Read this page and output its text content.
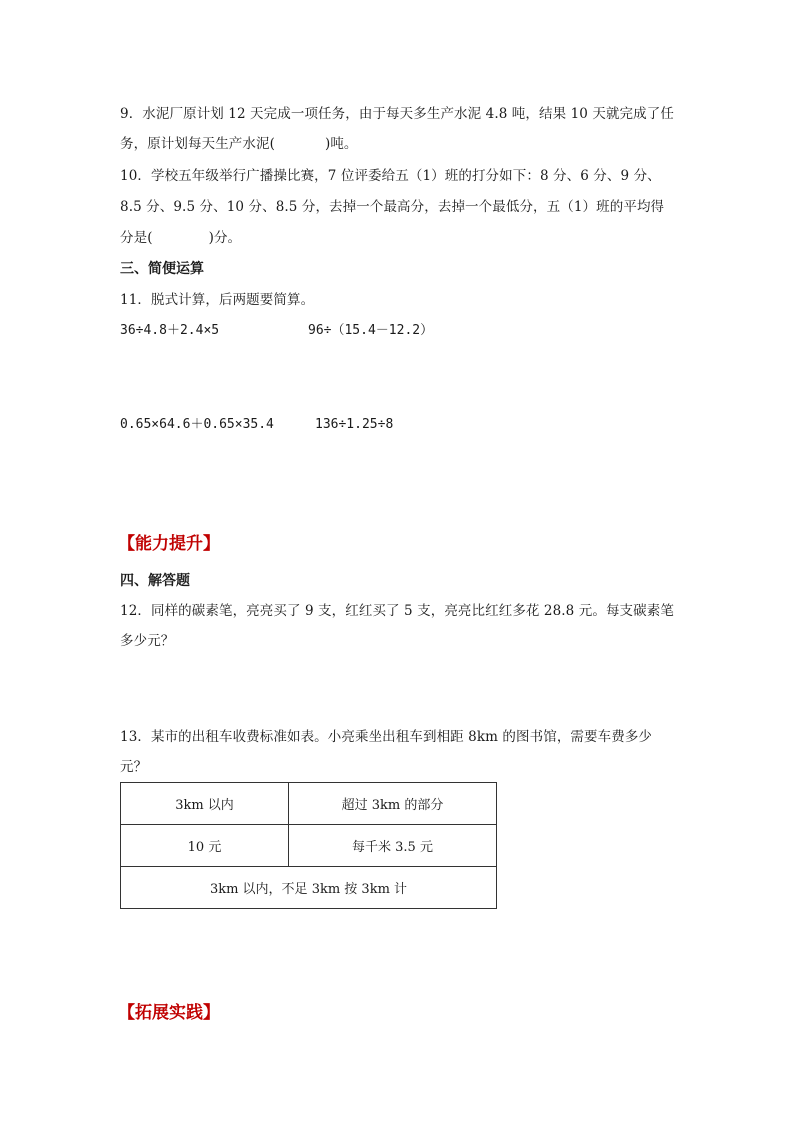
9．水泥厂原计划 12 天完成一项任务，由于每天多生产水泥 4.8 吨，结果 10 天就完成了任
务，原计划每天生产水泥(	)吨。
10．学校五年级举行广播操比赛，7 位评委给五（1）班的打分如下：8 分、6 分、9 分、
8.5 分、9.5 分、10 分、8.5 分，去掉一个最高分，去掉一个最低分，五（1）班的平均得
分是(	)分。
三、简便运算
11．脱式计算，后两题要简算。
36÷4.8＋2.4×5	96÷（15.4－12.2）
0.65×64.6＋0.65×35.4	136÷1.25÷8
【能力提升】
四、解答题
12．同样的碳素笔，亮亮买了 9 支，红红买了 5 支，亮亮比红红多花 28.8 元。每支碳素笔
多少元？
13．某市的出租车收费标准如表。小亮乘坐出租车到相距 8km 的图书馆，需要车费多少
元？
3km 以内	超过 3km 的部分
10 元	每千米 3.5 元
3km 以内，不足 3km 按 3km 计	
【拓展实践】
